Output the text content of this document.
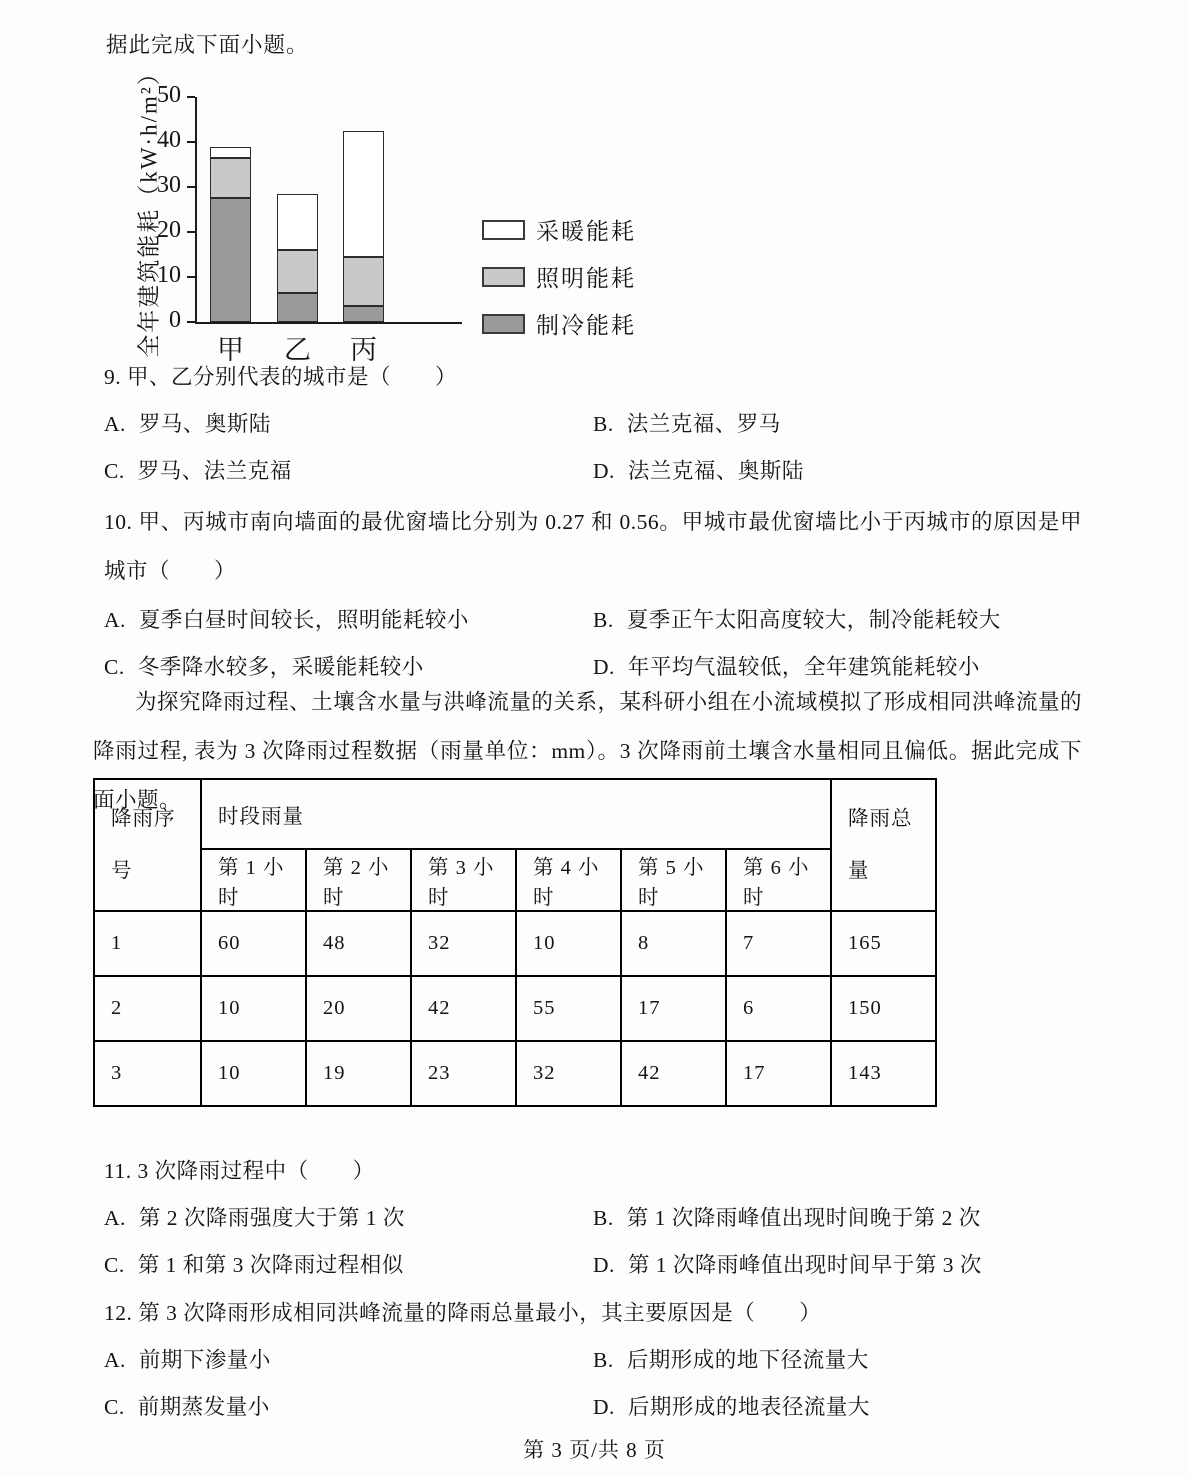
据此完成下面小题。
全年建筑能耗（kW·h/m²） 0
10
20
30
40
50
甲	乙	丙
采暖能耗
照明能耗
制冷能耗
9. 甲、乙分别代表的城市是（　　）
A. 罗马、奥斯陆	B. 法兰克福、罗马
C. 罗马、法兰克福	D. 法兰克福、奥斯陆
10. 甲、丙城市南向墙面的最优窗墙比分别为 0.27 和 0.56。甲城市最优窗墙比小于丙城市的原因是甲城市（　　）
A. 夏季白昼时间较长，照明能耗较小	B. 夏季正午太阳高度较大，制冷能耗较大
C. 冬季降水较多，采暖能耗较小	D. 年平均气温较低，全年建筑能耗较小
为探究降雨过程、土壤含水量与洪峰流量的关系，某科研小组在小流域模拟了形成相同洪峰流量的降雨过程, 表为 3 次降雨过程数据（雨量单位：mm）。3 次降雨前土壤含水量相同且偏低。据此完成下面小题。
降雨序号	时段雨量						降雨总量
	第 1 小时	第 2 小时	第 3 小时	第 4 小时	第 5 小时	第 6 小时	
1	60	48	32	10	8	7	165
2	10	20	42	55	17	6	150
3	10	19	23	32	42	17	143
11. 3 次降雨过程中（　　）
A. 第 2 次降雨强度大于第 1 次	B. 第 1 次降雨峰值出现时间晚于第 2 次
C. 第 1 和第 3 次降雨过程相似	D. 第 1 次降雨峰值出现时间早于第 3 次
12. 第 3 次降雨形成相同洪峰流量的降雨总量最小，其主要原因是（　　）
A. 前期下渗量小	B. 后期形成的地下径流量大
C. 前期蒸发量小	D. 后期形成的地表径流量大
第 3 页/共 8 页
